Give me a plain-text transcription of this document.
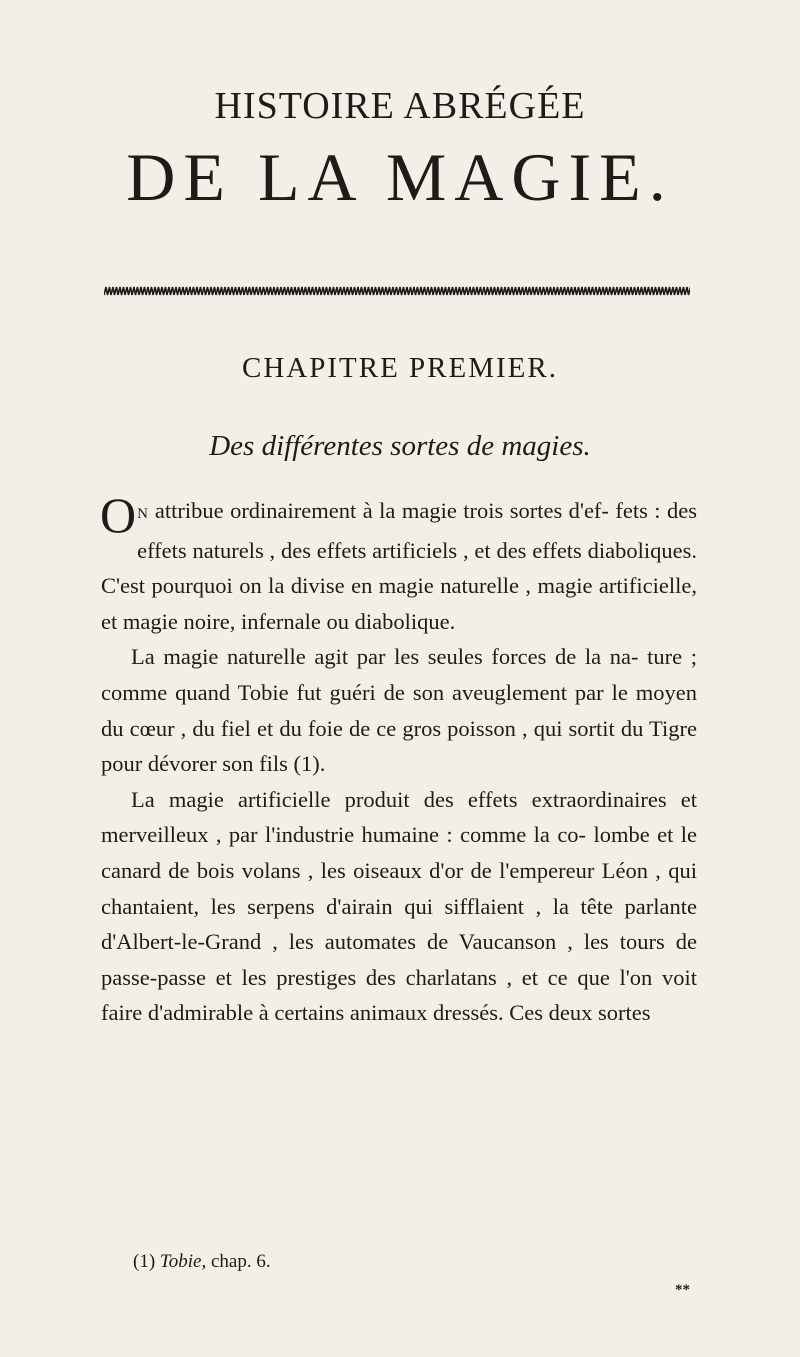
HISTOIRE ABRÉGÉE
DE LA MAGIE.
CHAPITRE PREMIER.
Des différentes sortes de magies.

O N attribue ordinairement à la magie trois sortes d'ef- fets : des effets naturels , des effets artificiels , et des effets diaboliques. C'est pourquoi on la divise en magie naturelle , magie artificielle, et magie noire, infernale ou diabolique.

La magie naturelle agit par les seules forces de la na- ture ; comme quand Tobie fut guéri de son aveuglement par le moyen du cœur , du fiel et du foie de ce gros poisson , qui sortit du Tigre pour dévorer son fils (1).

La magie artificielle produit des effets extraordinaires et merveilleux , par l'industrie humaine : comme la co- lombe et le canard de bois volans , les oiseaux d'or de l'empereur Léon , qui chantaient, les serpens d'airain qui sifflaient , la tête parlante d'Albert-le-Grand , les automates de Vaucanson , les tours de passe-passe et les prestiges des charlatans , et ce que l'on voit faire d'admirable à certains animaux dressés. Ces deux sortes

(1) Tobie, chap. 6.
**
